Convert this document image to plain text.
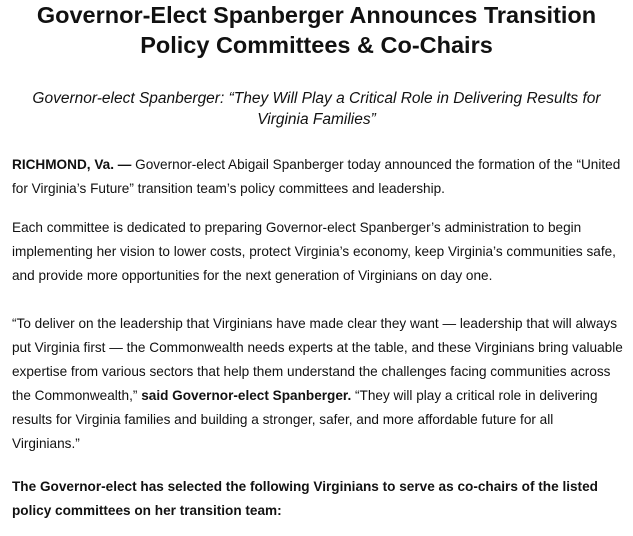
Governor-Elect Spanberger Announces Transition Policy Committees & Co-Chairs

Governor-elect Spanberger: “They Will Play a Critical Role in Delivering Results for Virginia Families”

RICHMOND, Va. — Governor-elect Abigail Spanberger today announced the formation of the “United for Virginia’s Future” transition team’s policy committees and leadership.

Each committee is dedicated to preparing Governor-elect Spanberger’s administration to begin implementing her vision to lower costs, protect Virginia’s economy, keep Virginia’s communities safe, and provide more opportunities for the next generation of Virginians on day one.

“To deliver on the leadership that Virginians have made clear they want — leadership that will always put Virginia first — the Commonwealth needs experts at the table, and these Virginians bring valuable expertise from various sectors that help them understand the challenges facing communities across the Commonwealth,” said Governor-elect Spanberger. “They will play a critical role in delivering results for Virginia families and building a stronger, safer, and more affordable future for all Virginians.”

The Governor-elect has selected the following Virginians to serve as co-chairs of the listed policy committees on her transition team:
